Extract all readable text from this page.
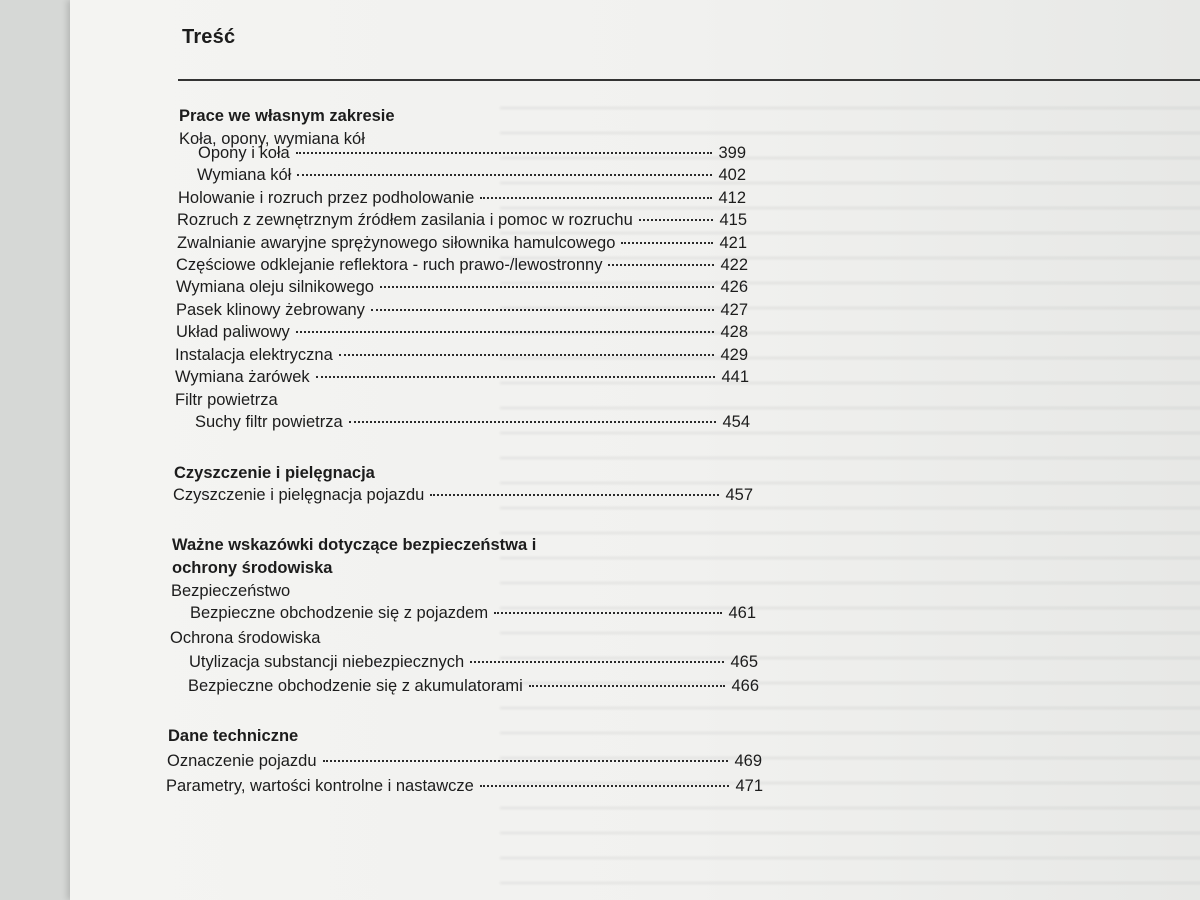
Treść
Prace we własnym zakresie
Koła, opony, wymiana kół
Opony i koła	399
Wymiana kół	402
Holowanie i rozruch przez podholowanie	412
Rozruch z zewnętrznym źródłem zasilania i pomoc w rozruchu	415
Zwalnianie awaryjne sprężynowego siłownika hamulcowego	421
Częściowe odklejanie reflektora - ruch prawo-/lewostronny	422
Wymiana oleju silnikowego	426
Pasek klinowy żebrowany	427
Układ paliwowy	428
Instalacja elektryczna	429
Wymiana żarówek	441
Filtr powietrza
Suchy filtr powietrza	454
Czyszczenie i pielęgnacja
Czyszczenie i pielęgnacja pojazdu	457
Ważne wskazówki dotyczące bezpieczeństwa i
ochrony środowiska
Bezpieczeństwo
Bezpieczne obchodzenie się z pojazdem	461
Ochrona środowiska
Utylizacja substancji niebezpiecznych	465
Bezpieczne obchodzenie się z akumulatorami	466
Dane techniczne
Oznaczenie pojazdu	469
Parametry, wartości kontrolne i nastawcze	471
